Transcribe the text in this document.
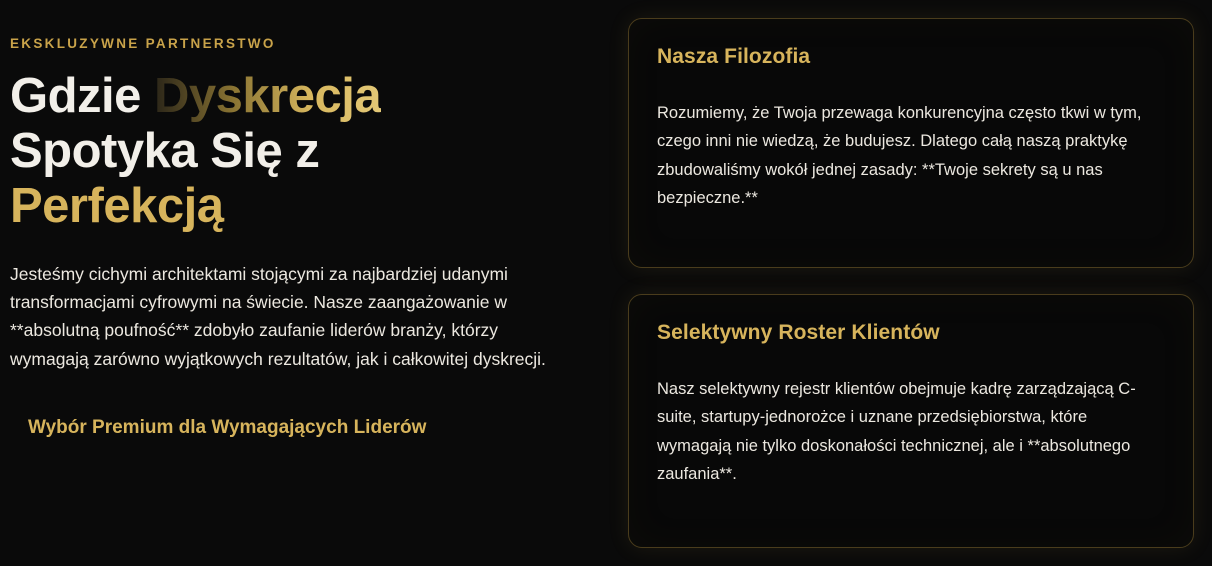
EKSKLUZYWNE PARTNERSTWO
Gdzie Dyskrecja
Spotyka Się z
Perfekcją

Jesteśmy cichymi architektami stojącymi za najbardziej udanymi transformacjami cyfrowymi na świecie. Nasze zaangażowanie w **absolutną poufność** zdobyło zaufanie liderów branży, którzy wymagają zarówno wyjątkowych rezultatów, jak i całkowitej dyskrecji.

Wybór Premium dla Wymagających Liderów
Nasza Filozofia

Rozumiemy, że Twoja przewaga konkurencyjna często tkwi w tym, czego inni nie wiedzą, że budujesz. Dlatego całą naszą praktykę zbudowaliśmy wokół jednej zasady: **Twoje sekrety są u nas bezpieczne.**

Selektywny Roster Klientów

Nasz selektywny rejestr klientów obejmuje kadrę zarządzającą C-suite, startupy-jednorożce i uznane przedsiębiorstwa, które wymagają nie tylko doskonałości technicznej, ale i **absolutnego zaufania**.
